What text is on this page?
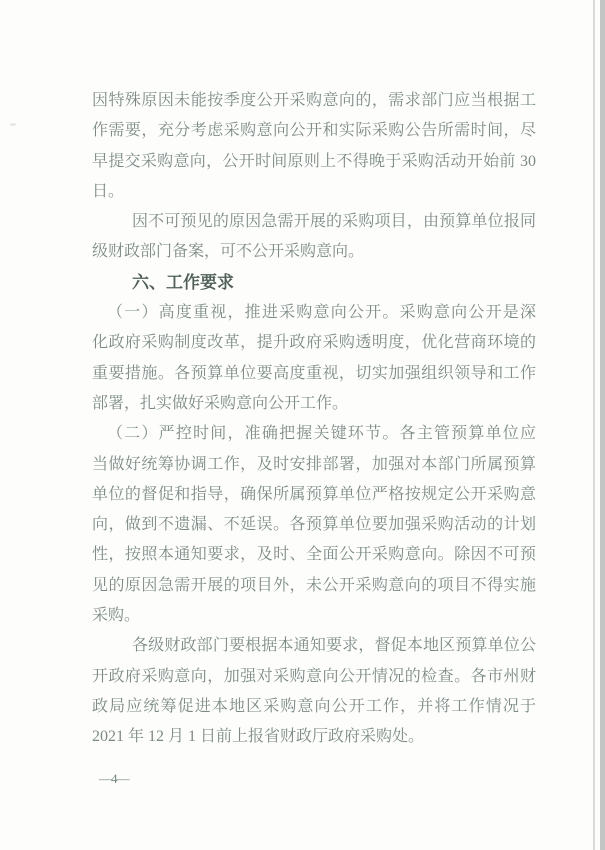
因特殊原因未能按季度公开采购意向的，需求部门应当根据工
作需要，充分考虑采购意向公开和实际采购公告所需时间，尽
早提交采购意向，公开时间原则上不得晚于采购活动开始前 30
日。
因不可预见的原因急需开展的采购项目，由预算单位报同
级财政部门备案，可不公开采购意向。
六、工作要求
（一）高度重视，推进采购意向公开。采购意向公开是深
化政府采购制度改革，提升政府采购透明度，优化营商环境的
重要措施。各预算单位要高度重视，切实加强组织领导和工作
部署，扎实做好采购意向公开工作。
（二）严控时间，准确把握关键环节。各主管预算单位应
当做好统筹协调工作，及时安排部署，加强对本部门所属预算
单位的督促和指导，确保所属预算单位严格按规定公开采购意
向，做到不遗漏、不延误。各预算单位要加强采购活动的计划
性，按照本通知要求，及时、全面公开采购意向。除因不可预
见的原因急需开展的项目外，未公开采购意向的项目不得实施
采购。
各级财政部门要根据本通知要求，督促本地区预算单位公
开政府采购意向，加强对采购意向公开情况的检查。各市州财
政局应统筹促进本地区采购意向公开工作，并将工作情况于
2021 年 12 月 1 日前上报省财政厅政府采购处。
—4—
